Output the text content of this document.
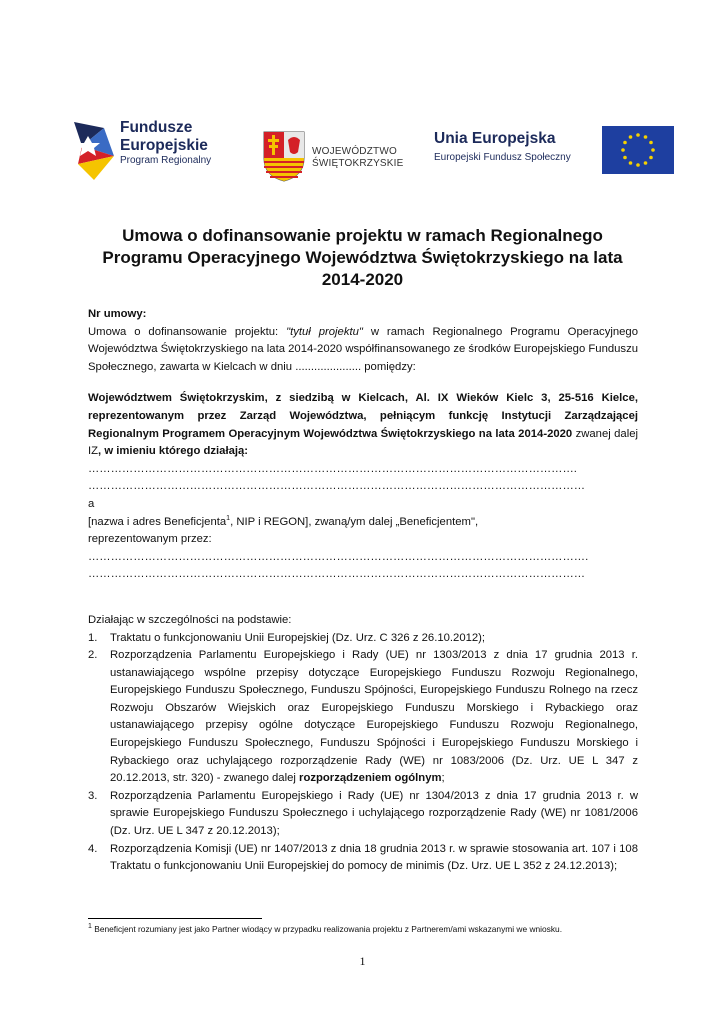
Fundusze
Europejskie
Program Regionalny
WOJEWÓDZTWO
ŚWIĘTOKRZYSKIE
Unia Europejska
Europejski Fundusz Społeczny
Umowa o dofinansowanie projektu w ramach Regionalnego Programu Operacyjnego Województwa Świętokrzyskiego na lata 2014-2020

Nr umowy:

Umowa o dofinansowanie projektu: "tytuł projektu" w ramach Regionalnego Programu Operacyjnego Województwa Świętokrzyskiego na lata 2014-2020 współfinansowanego ze środków Europejskiego Funduszu Społecznego, zawarta w Kielcach w dniu ..................... pomiędzy:

Województwem Świętokrzyskim, z siedzibą w Kielcach, Al. IX Wieków Kielc 3, 25-516 Kielce, reprezentowanym przez Zarząd Województwa, pełniącym funkcję Instytucji Zarządzającej Regionalnym Programem Operacyjnym Województwa Świętokrzyskiego na lata 2014-2020 zwanej dalej IZ, w imieniu którego działają:

………………………………………………………………………………………………………………….

……………………………………………………………………………………………………………………

a

[nazwa i adres Beneficjenta$^1$, NIP i REGON], zwaną/ym dalej „Beneficjentem",

reprezentowanym przez:

…………………………………………………………………………………………………………………….

……………………………………………………………………………………………………………………

Działając w szczególności na podstawie:

1. Traktatu o funkcjonowaniu Unii Europejskiej (Dz. Urz. C 326 z 26.10.2012);
2. Rozporządzenia Parlamentu Europejskiego i Rady (UE) nr 1303/2013 z dnia 17 grudnia 2013 r. ustanawiającego wspólne przepisy dotyczące Europejskiego Funduszu Rozwoju Regionalnego, Europejskiego Funduszu Społecznego, Funduszu Spójności, Europejskiego Funduszu Rolnego na rzecz Rozwoju Obszarów Wiejskich oraz Europejskiego Funduszu Morskiego i Rybackiego oraz ustanawiającego przepisy ogólne dotyczące Europejskiego Funduszu Rozwoju Regionalnego, Europejskiego Funduszu Społecznego, Funduszu Spójności i Europejskiego Funduszu Morskiego i Rybackiego oraz uchylającego rozporządzenie Rady (WE) nr 1083/2006 (Dz. Urz. UE L 347 z 20.12.2013, str. 320) - zwanego dalej rozporządzeniem ogólnym;
3. Rozporządzenia Parlamentu Europejskiego i Rady (UE) nr 1304/2013 z dnia 17 grudnia 2013 r. w sprawie Europejskiego Funduszu Społecznego i uchylającego rozporządzenie Rady (WE) nr 1081/2006 (Dz. Urz. UE L 347 z 20.12.2013);
4. Rozporządzenia Komisji (UE) nr 1407/2013 z dnia 18 grudnia 2013 r. w sprawie stosowania art. 107 i 108 Traktatu o funkcjonowaniu Unii Europejskiej do pomocy de minimis (Dz. Urz. UE L 352 z 24.12.2013);

$^1$ Beneficjent rozumiany jest jako Partner wiodący w przypadku realizowania projektu z Partnerem/ami wskazanymi we wniosku.

1
